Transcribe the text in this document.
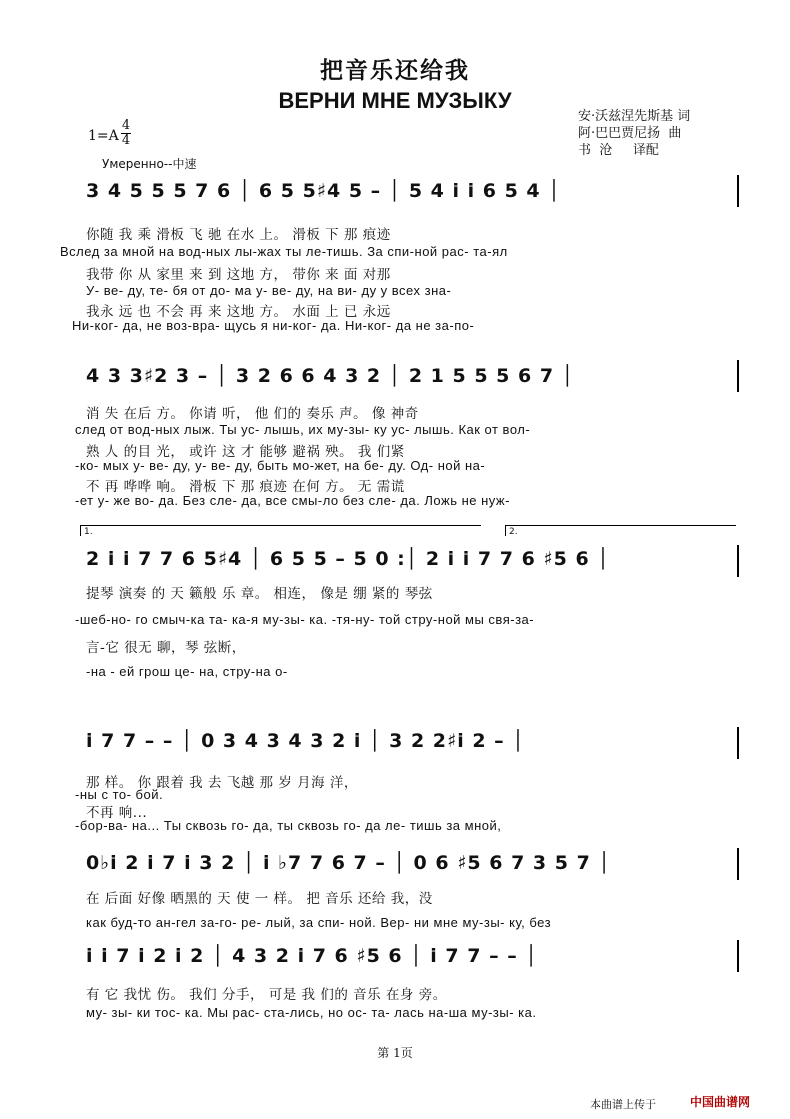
把音乐还给我
ВЕРНИ МНЕ МУЗЫКУ
安·沃兹涅先斯基 词
阿·巴巴贾尼扬  曲
书  沧     译配
1=A
4
4
Умеренно--中速
3 4 5 5 5 7 6 │ 6 5 5♯4 5 – │ 5 4 i i 6 5 4 │
你随 我 乘 滑板 飞 驰 在水 上。 滑板 下 那 痕迹
Вслед за мной на вод-ных лы-жах ты ле-тишь. За спи-ной рас- та-ял
我带 你 从 家里 来 到 这地 方， 带你 来 面 对那
У- ве- ду, те- бя от до- ма у- ве- ду, на ви- ду у всех зна-
我永 远 也 不会 再 来 这地 方。 水面 上 已 永远
Ни-ког- да, не воз-вра- щусь я ни-ког- да. Ни-ког- да не за-по-
4 3 3♯2 3 – │ 3 2 6 6 4 3 2 │ 2 1 5 5 5 6 7 │
消 失 在后 方。 你请 听， 他 们的 奏乐 声。 像 神奇
след от вод-ных лыж. Ты ус- лышь, их му-зы- ку ус- лышь. Как от вол-
熟 人 的目 光， 或许 这 才 能够 避祸 殃。 我 们紧
-ко- мых у- ве- ду, у- ве- ду, быть мо-жет, на бе- ду. Од- ной на-
不 再 哗哗 响。 滑板 下 那 痕迹 在何 方。 无 需谎
-ет у- же во- да. Без сле- да, все смы-ло без сле- да. Ложь не нуж-
1.	2.
2 i i 7 7 6 5♯4 │ 6 5 5 – 5 0 :│ 2 i i 7 7 6 ♯5 6 │
提琴 演奏 的 天 籁般 乐 章。 相连， 像是 绷 紧的 琴弦
-шеб-но- го смыч-ка та- ка-я му-зы- ка. -тя-ну- той стру-ной мы свя-за-
言-它 很无 聊，琴 弦断，
-на - ей грош це- на, стру-на о-
i 7 7 – – │ 0 3 4 3 4 3 2 i │ 3 2 2♯i 2 – │
那 样。 你 跟着 我 去 飞越 那 岁 月海 洋，
-ны с то- бой.
不再 响...
-бор-ва- на... Ты сквозь го- да, ты сквозь го- да ле- тишь за мной,
0♭i 2 i 7 i 3 2 │ i ♭7 7 6 7 – │ 0 6 ♯5 6 7 3 5 7 │
在 后面 好像 晒黑的 天 使 一 样。 把 音乐 还给 我，没
как буд-то ан-гел за-го- ре- лый, за спи- ной. Вер- ни мне му-зы- ку, без
i i 7 i 2 i 2 │ 4 3 2 i 7 6 ♯5 6 │ i 7 7 – – │
有 它 我忧 伤。 我们 分手， 可是 我 们的 音乐 在身 旁。
му- зы- ки тос- ка. Мы рас- ста-лись, но ос- та- лась на-ша му-зы- ка.
第 1页
本曲谱上传于	中国曲谱网
